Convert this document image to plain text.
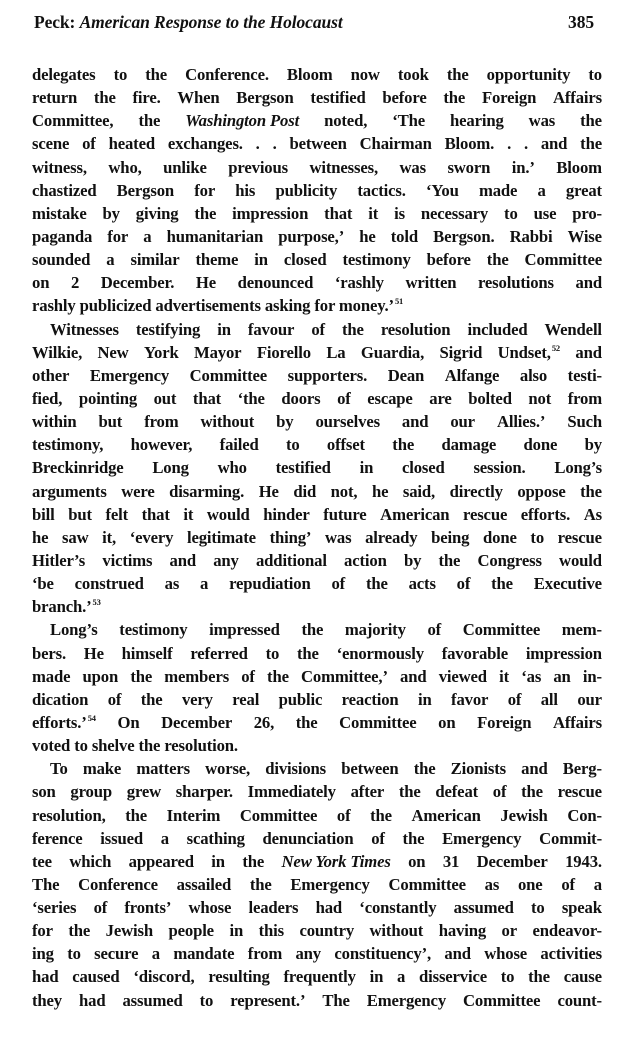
Peck: American Response to the Holocaust	385
delegates to the Conference. Bloom now took the opportunity to
return the fire. When Bergson testified before the Foreign Affairs
Committee, the Washington Post noted, ‘The hearing was the
scene of heated exchanges. . . between Chairman Bloom. . . and the
witness, who, unlike previous witnesses, was sworn in.’ Bloom
chastized Bergson for his publicity tactics. ‘You made a great
mistake by giving the impression that it is necessary to use pro-
paganda for a humanitarian purpose,’ he told Bergson. Rabbi Wise
sounded a similar theme in closed testimony before the Committee
on 2 December. He denounced ‘rashly written resolutions and
rashly publicized advertisements asking for money.’$^{51}$
Witnesses testifying in favour of the resolution included Wendell
Wilkie, New York Mayor Fiorello La Guardia, Sigrid Undset,$^{52}$ and
other Emergency Committee supporters. Dean Alfange also testi-
fied, pointing out that ‘the doors of escape are bolted not from
within but from without by ourselves and our Allies.’ Such
testimony, however, failed to offset the damage done by
Breckinridge Long who testified in closed session. Long’s
arguments were disarming. He did not, he said, directly oppose the
bill but felt that it would hinder future American rescue efforts. As
he saw it, ‘every legitimate thing’ was already being done to rescue
Hitler’s victims and any additional action by the Congress would
‘be construed as a repudiation of the acts of the Executive
branch.’$^{53}$
Long’s testimony impressed the majority of Committee mem-
bers. He himself referred to the ‘enormously favorable impression
made upon the members of the Committee,’ and viewed it ‘as an in-
dication of the very real public reaction in favor of all our
efforts.’$^{54}$ On December 26, the Committee on Foreign Affairs
voted to shelve the resolution.
To make matters worse, divisions between the Zionists and Berg-
son group grew sharper. Immediately after the defeat of the rescue
resolution, the Interim Committee of the American Jewish Con-
ference issued a scathing denunciation of the Emergency Commit-
tee which appeared in the New York Times on 31 December 1943.
The Conference assailed the Emergency Committee as one of a
‘series of fronts’ whose leaders had ‘constantly assumed to speak
for the Jewish people in this country without having or endeavor-
ing to secure a mandate from any constituency’, and whose activities
had caused ‘discord, resulting frequently in a disservice to the cause
they had assumed to represent.’ The Emergency Committee count-
